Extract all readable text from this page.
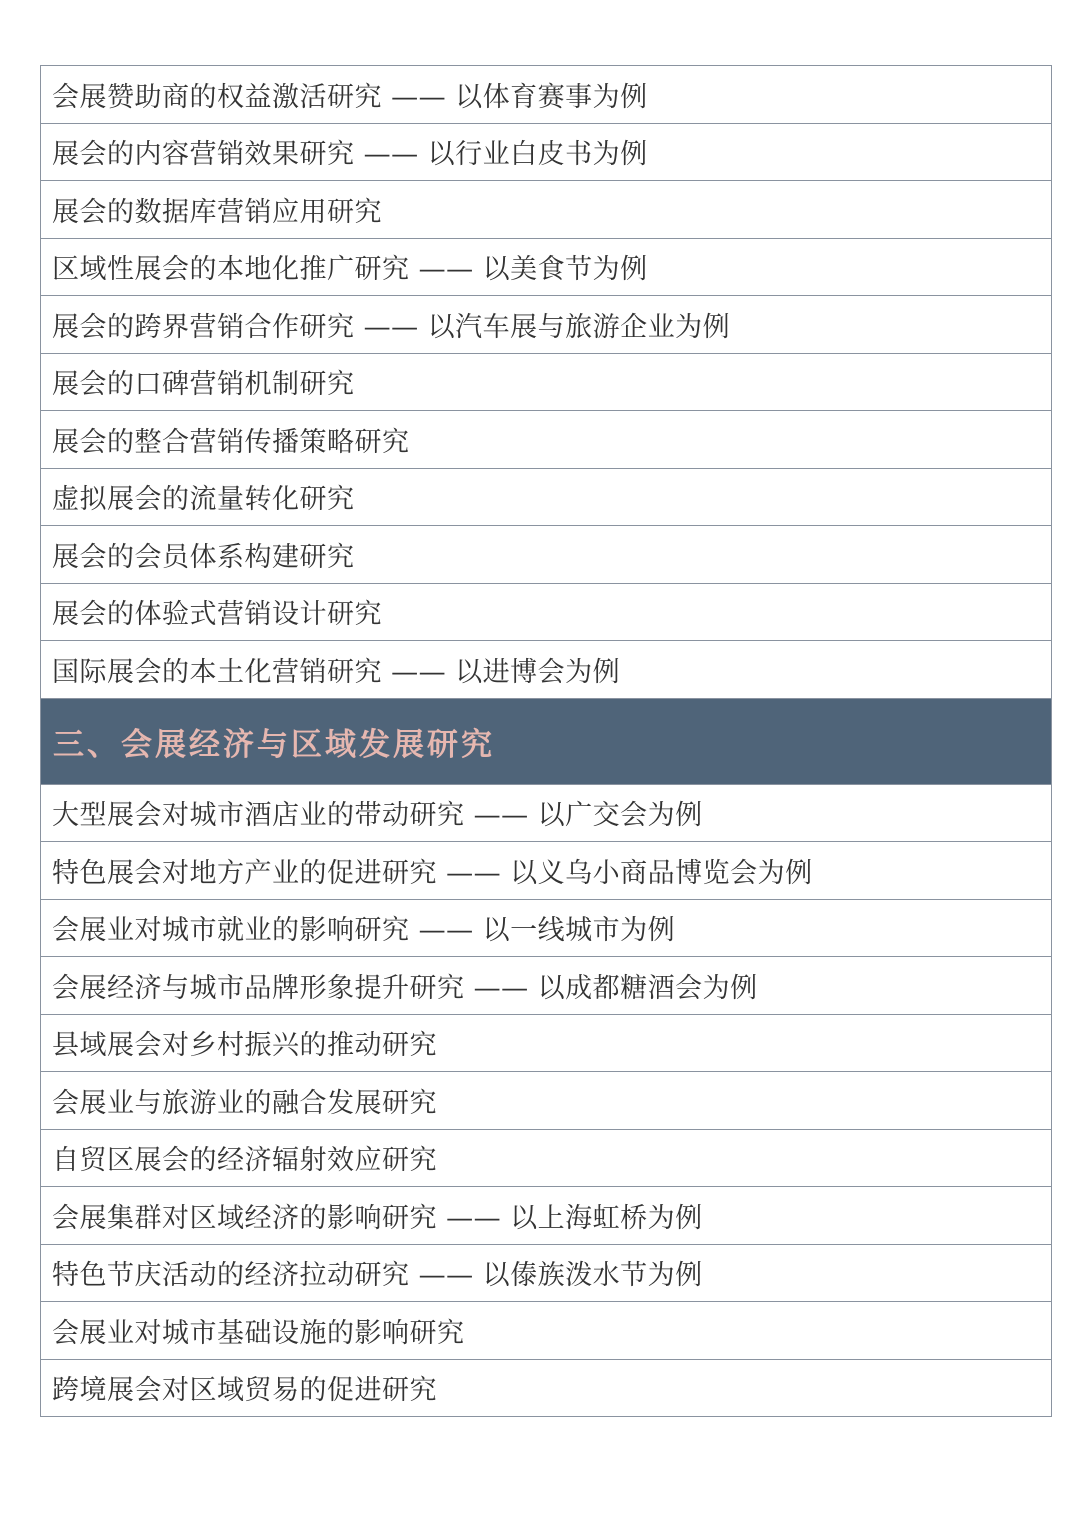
会展赞助商的权益激活研究 —— 以体育赛事为例
展会的内容营销效果研究 —— 以行业白皮书为例
展会的数据库营销应用研究
区域性展会的本地化推广研究 —— 以美食节为例
展会的跨界营销合作研究 —— 以汽车展与旅游企业为例
展会的口碑营销机制研究
展会的整合营销传播策略研究
虚拟展会的流量转化研究
展会的会员体系构建研究
展会的体验式营销设计研究
国际展会的本土化营销研究 —— 以进博会为例
三、会展经济与区域发展研究
大型展会对城市酒店业的带动研究 —— 以广交会为例
特色展会对地方产业的促进研究 —— 以义乌小商品博览会为例
会展业对城市就业的影响研究 —— 以一线城市为例
会展经济与城市品牌形象提升研究 —— 以成都糖酒会为例
县域展会对乡村振兴的推动研究
会展业与旅游业的融合发展研究
自贸区展会的经济辐射效应研究
会展集群对区域经济的影响研究 —— 以上海虹桥为例
特色节庆活动的经济拉动研究 —— 以傣族泼水节为例
会展业对城市基础设施的影响研究
跨境展会对区域贸易的促进研究
